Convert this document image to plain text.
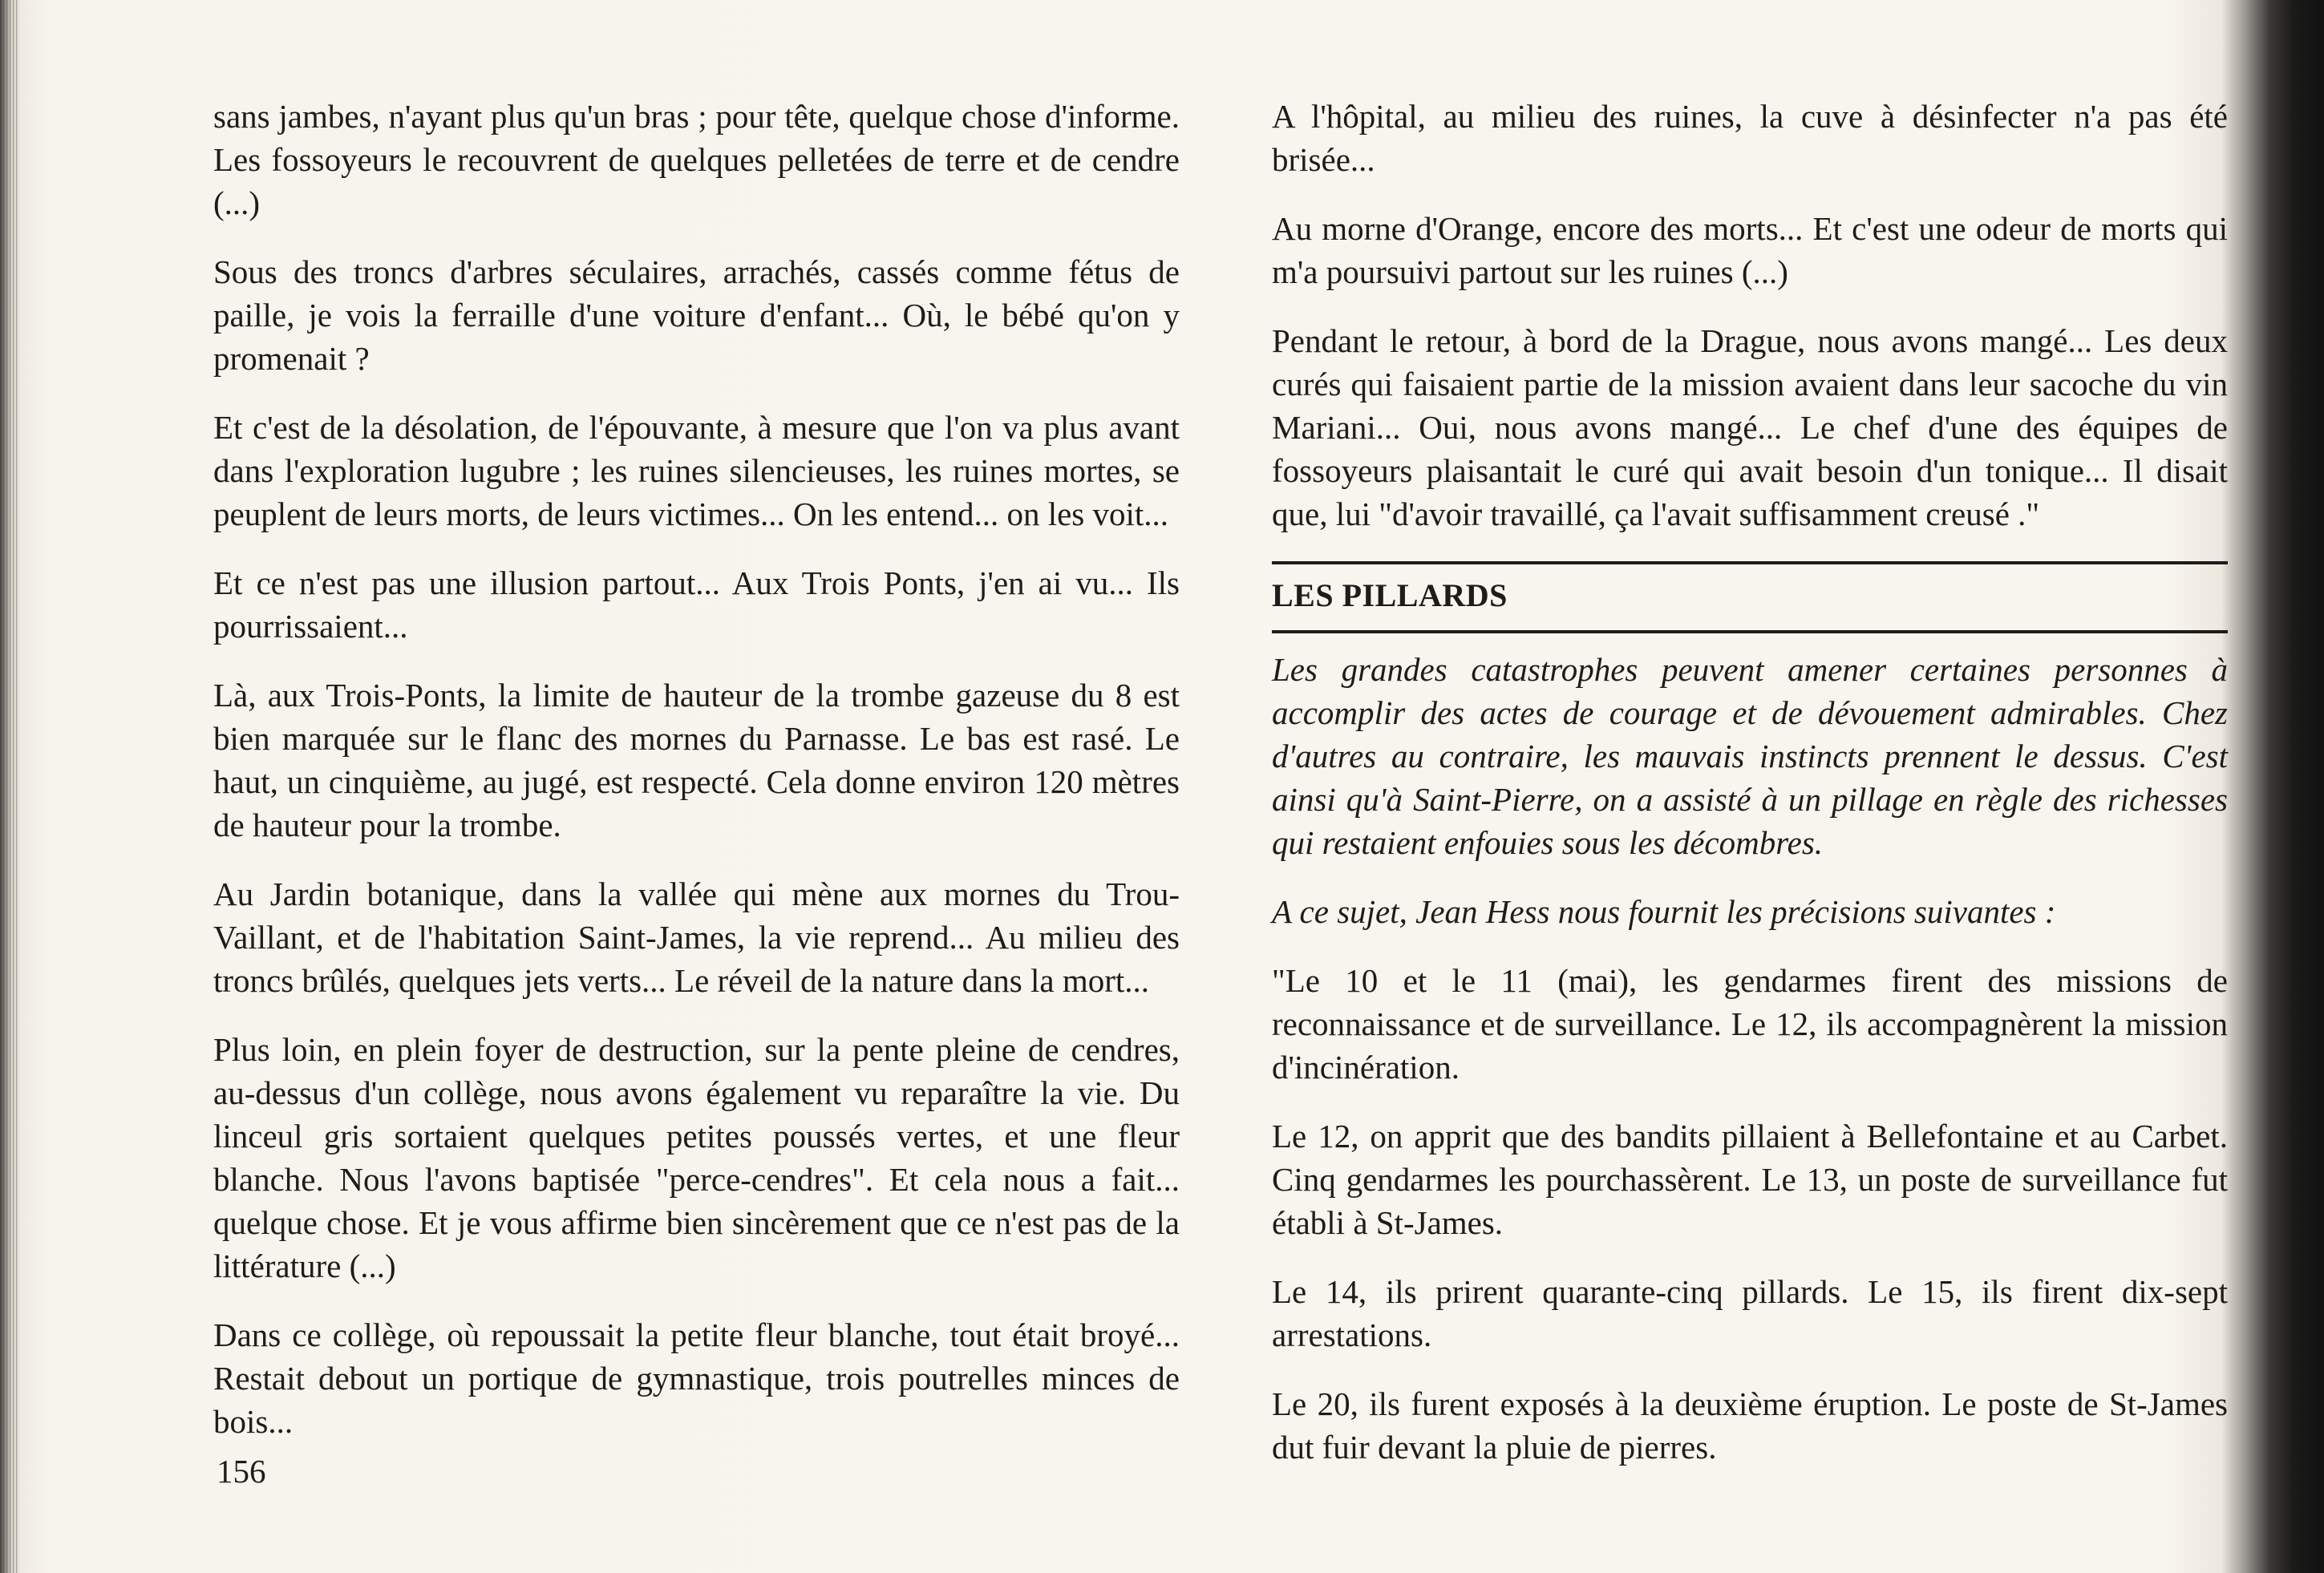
sans jambes, n'ayant plus qu'un bras ; pour tête, quelque chose d'informe. Les fossoyeurs le recouvrent de quelques pelletées de terre et de cendre (...)

Sous des troncs d'arbres séculaires, arrachés, cassés comme fétus de paille, je vois la ferraille d'une voiture d'enfant... Où, le bébé qu'on y promenait ?

Et c'est de la désolation, de l'épouvante, à mesure que l'on va plus avant dans l'exploration lugubre ; les ruines silencieuses, les ruines mortes, se peuplent de leurs morts, de leurs victimes... On les entend... on les voit...

Et ce n'est pas une illusion partout... Aux Trois Ponts, j'en ai vu... Ils pourrissaient...

Là, aux Trois-Ponts, la limite de hauteur de la trombe gazeuse du 8 est bien marquée sur le flanc des mornes du Parnasse. Le bas est rasé. Le haut, un cinquième, au jugé, est respecté. Cela donne environ 120 mètres de hauteur pour la trombe.

Au Jardin botanique, dans la vallée qui mène aux mornes du Trou-Vaillant, et de l'habitation Saint-James, la vie reprend... Au milieu des troncs brûlés, quelques jets verts... Le réveil de la nature dans la mort...

Plus loin, en plein foyer de destruction, sur la pente pleine de cendres, au-dessus d'un collège, nous avons également vu reparaître la vie. Du linceul gris sortaient quelques petites poussés vertes, et une fleur blanche. Nous l'avons baptisée "perce-cendres". Et cela nous a fait... quelque chose. Et je vous affirme bien sincèrement que ce n'est pas de la littérature (...)

Dans ce collège, où repoussait la petite fleur blanche, tout était broyé... Restait debout un portique de gymnastique, trois poutrelles minces de bois...

156

A l'hôpital, au milieu des ruines, la cuve à désinfecter n'a pas été brisée...

Au morne d'Orange, encore des morts... Et c'est une odeur de morts qui m'a poursuivi partout sur les ruines (...)

Pendant le retour, à bord de la Drague, nous avons mangé... Les deux curés qui faisaient partie de la mission avaient dans leur sacoche du vin Mariani... Oui, nous avons mangé... Le chef d'une des équipes de fossoyeurs plaisantait le curé qui avait besoin d'un tonique... Il disait que, lui "d'avoir travaillé, ça l'avait suffisamment creusé ."

LES PILLARDS

Les grandes catastrophes peuvent amener certaines personnes à accomplir des actes de courage et de dévouement admirables. Chez d'autres au contraire, les mauvais instincts prennent le dessus. C'est ainsi qu'à Saint-Pierre, on a assisté à un pillage en règle des richesses qui restaient enfouies sous les décombres.

A ce sujet, Jean Hess nous fournit les précisions suivantes :

"Le 10 et le 11 (mai), les gendarmes firent des missions de reconnaissance et de surveillance. Le 12, ils accompagnèrent la mission d'incinération.

Le 12, on apprit que des bandits pillaient à Bellefontaine et au Carbet. Cinq gendarmes les pourchassèrent. Le 13, un poste de surveillance fut établi à St-James.

Le 14, ils prirent quarante-cinq pillards. Le 15, ils firent dix-sept arrestations.

Le 20, ils furent exposés à la deuxième éruption. Le poste de St-James dut fuir devant la pluie de pierres.
